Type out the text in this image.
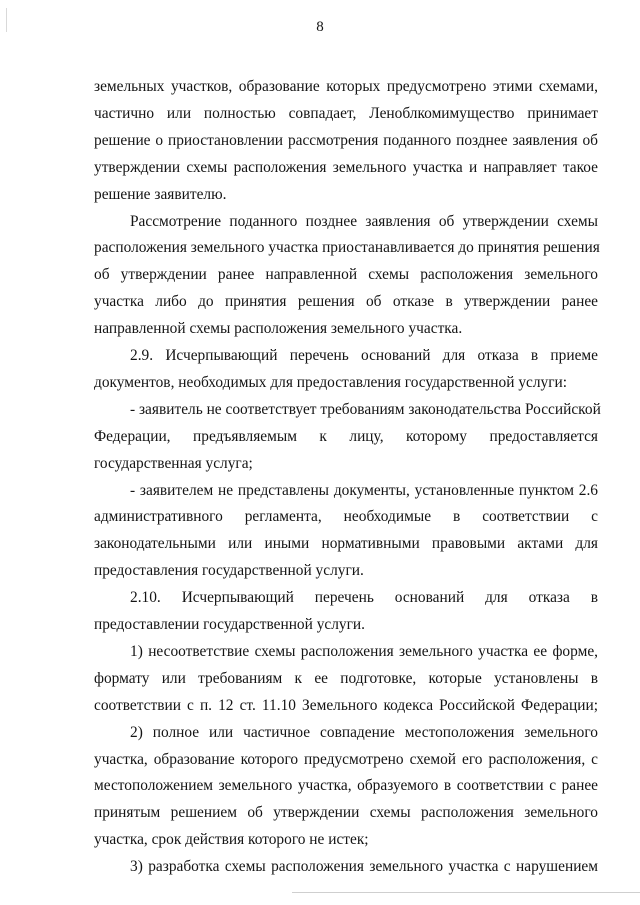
8
земельных участков, образование которых предусмотрено этими схемами,
частично или полностью совпадает, Леноблкомимущество принимает
решение о приостановлении рассмотрения поданного позднее заявления об
утверждении схемы расположения земельного участка и направляет такое
решение заявителю.
Рассмотрение поданного позднее заявления об утверждении схемы
расположения земельного участка приостанавливается до принятия решения
об утверждении ранее направленной схемы расположения земельного
участка либо до принятия решения об отказе в утверждении ранее
направленной схемы расположения земельного участка.
2.9. Исчерпывающий перечень оснований для отказа в приеме
документов, необходимых для предоставления государственной услуги:
- заявитель не соответствует требованиям законодательства Российской
Федерации, предъявляемым к лицу, которому предоставляется
государственная услуга;
- заявителем не представлены документы, установленные пунктом 2.6
административного регламента, необходимые в соответствии с
законодательными или иными нормативными правовыми актами для
предоставления государственной услуги.
2.10. Исчерпывающий перечень оснований для отказа в
предоставлении государственной услуги.
1) несоответствие схемы расположения земельного участка ее форме,
формату или требованиям к ее подготовке, которые установлены в
соответствии с п. 12 ст. 11.10 Земельного кодекса Российской Федерации;
2) полное или частичное совпадение местоположения земельного
участка, образование которого предусмотрено схемой его расположения, с
местоположением земельного участка, образуемого в соответствии с ранее
принятым решением об утверждении схемы расположения земельного
участка, срок действия которого не истек;
3) разработка схемы расположения земельного участка с нарушением
